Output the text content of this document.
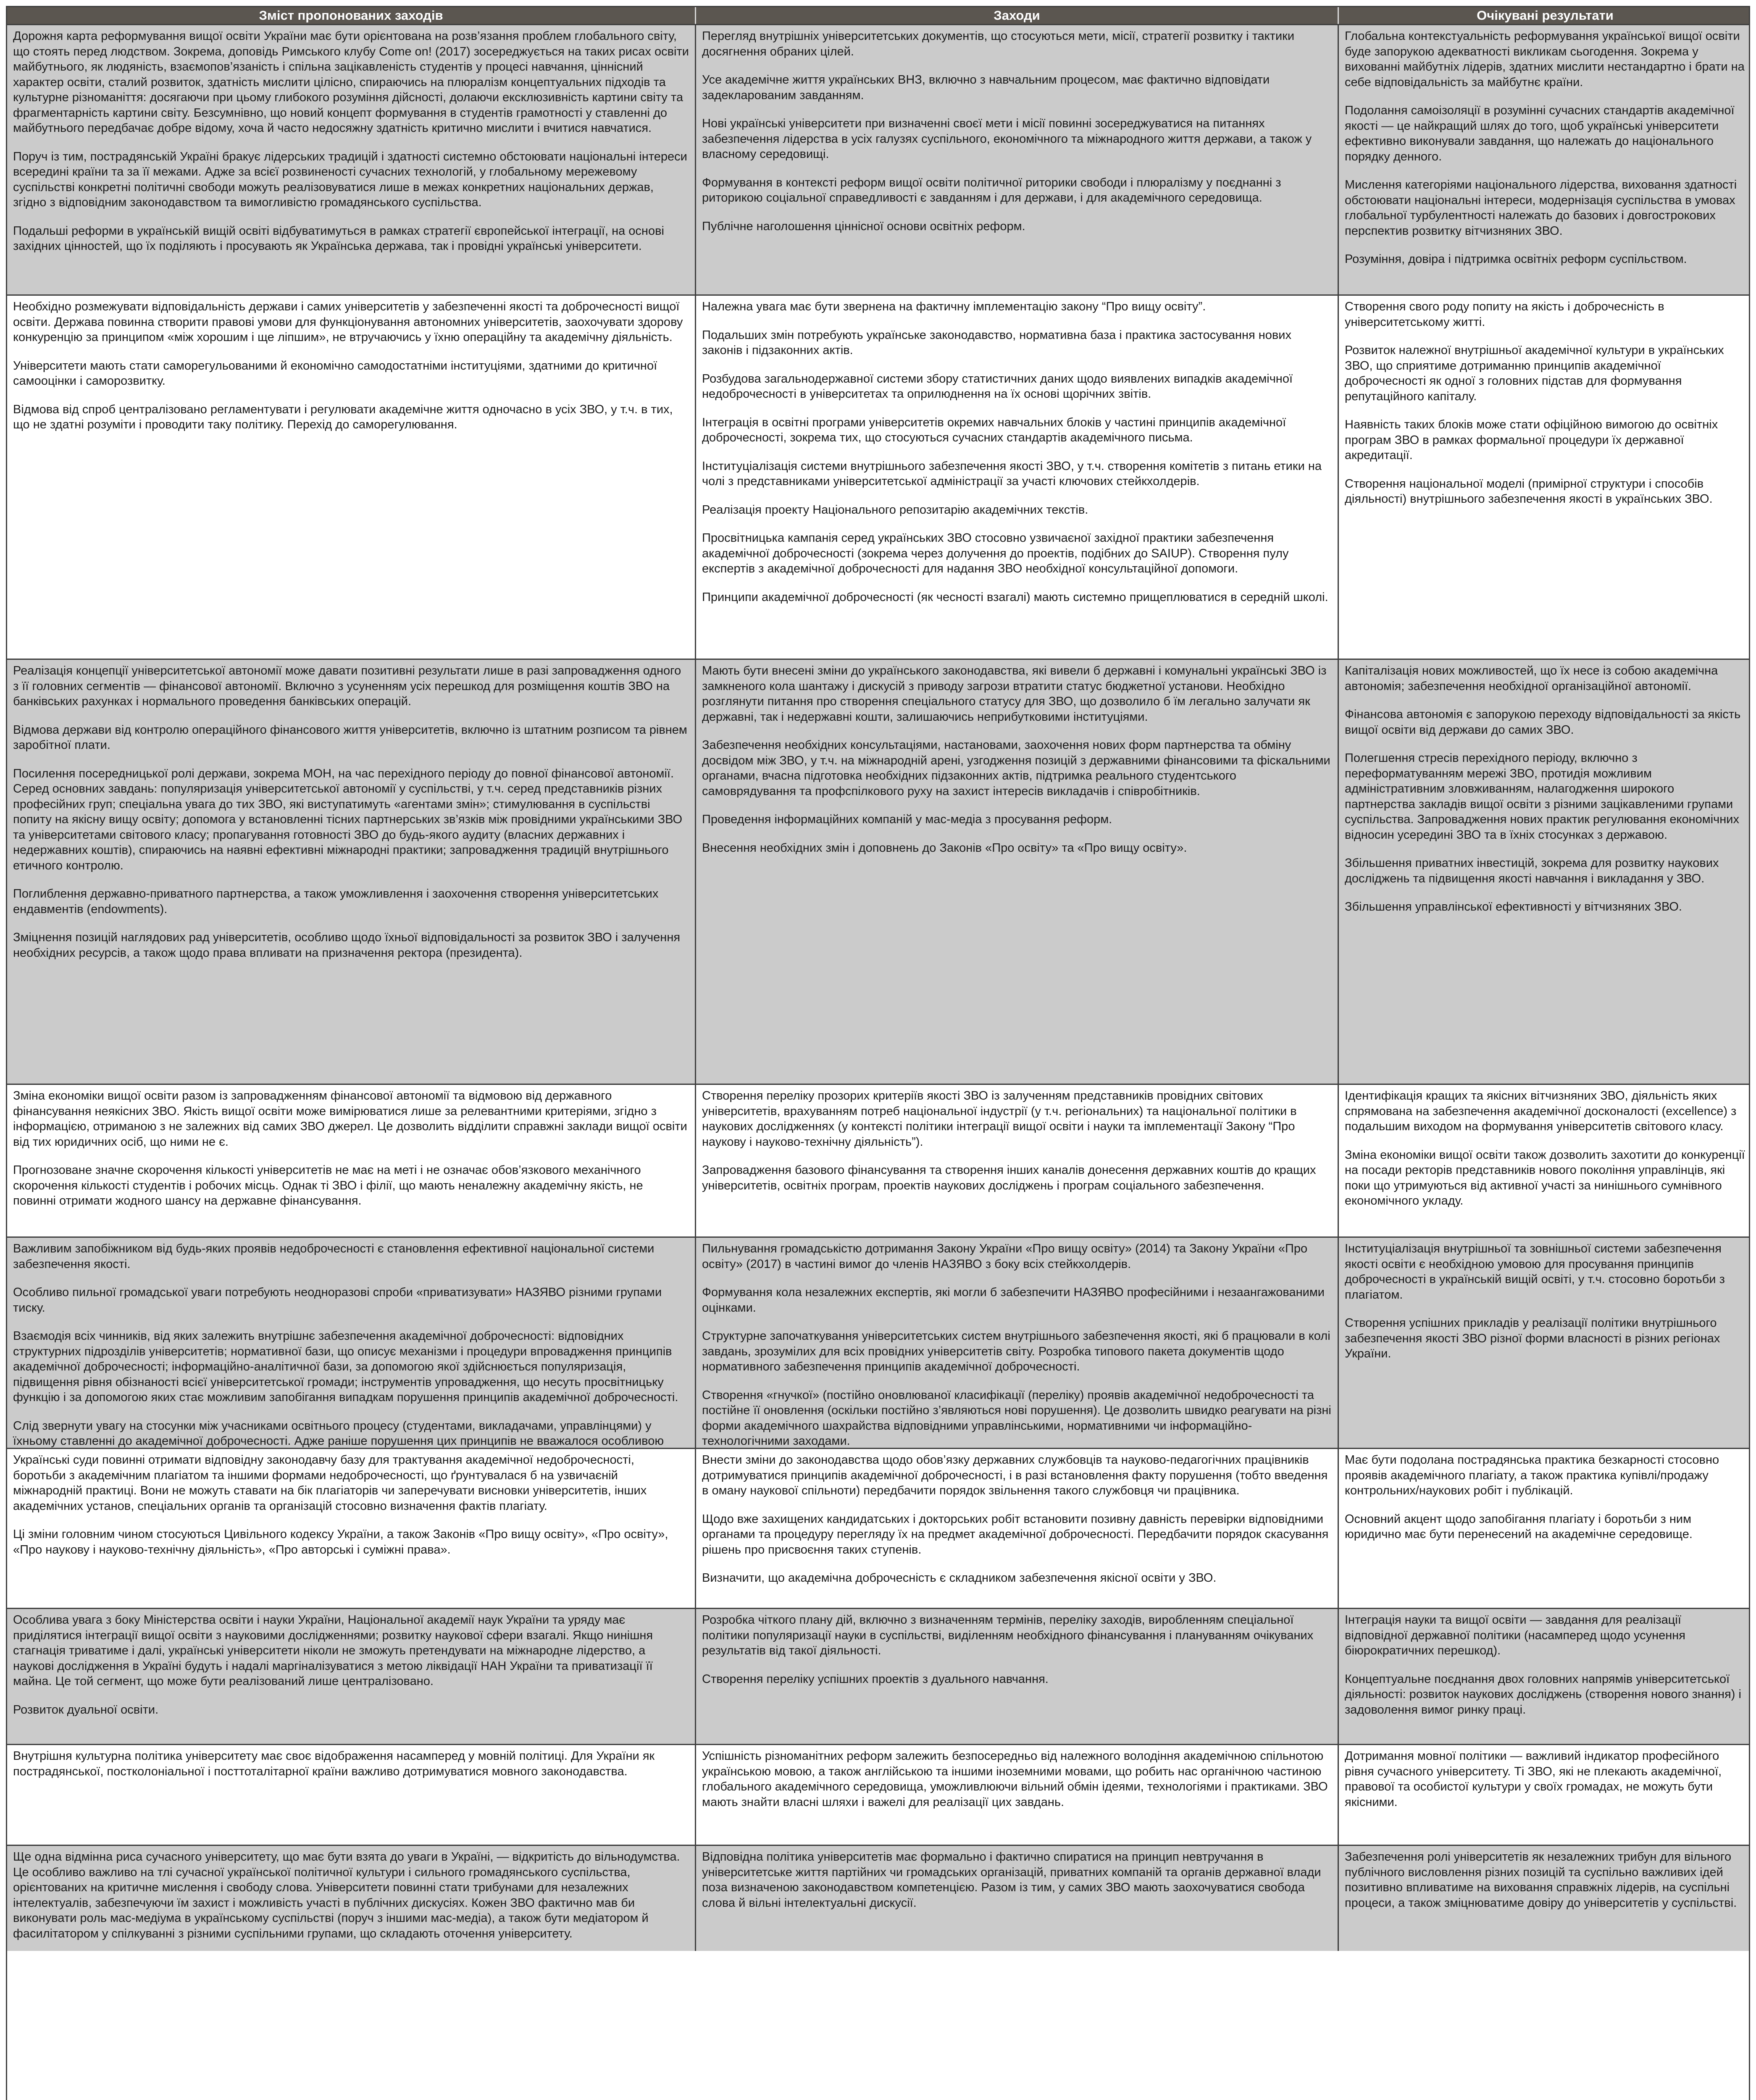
Зміст пропонованих заходів	Заходи	Очікувані результати

Дорожня карта реформування вищої освіти України має бути орієнтована на розв’язання проблем глобального світу, що стоять перед людством. Зокрема, доповідь Римського клубу Come on! (2017) зосереджується на таких рисах освіти майбутнього, як людяність, взаємопов’язаність і спільна зацікавленість студентів у процесі навчання, ціннісний характер освіти, сталий розвиток, здатність мислити цілісно, спираючись на плюралізм концептуальних підходів та культурне різноманіття: досягаючи при цьому глибокого розуміння дійсності, долаючи ексклюзивність картини світу та фрагментарність картини світу. Безсумнівно, що новий концепт формування в студентів грамотності у ставленні до майбутнього передбачає добре відому, хоча й часто недосяжну здатність критично мислити і вчитися навчатися.

Поруч із тим, пострадянській Україні бракує лідерських традицій і здатності системно обстоювати національні інтереси всередині країни та за її межами. Адже за всієї розвиненості сучасних технологій, у глобальному мережевому суспільстві конкретні політичні свободи можуть реалізовуватися лише в межах конкретних національних держав, згідно з відповідним законодавством та вимогливістю громадянського суспільства.

Подальші реформи в українській вищій освіті відбуватимуться в рамках стратегії європейської інтеграції, на основі західних цінностей, що їх поділяють і просувають як Українська держава, так і провідні українські університети.

Перегляд внутрішніх університетських документів, що стосуються мети, місії, стратегії розвитку і тактики досягнення обраних цілей.

Усе академічне життя українських ВНЗ, включно з навчальним процесом, має фактично відповідати задекларованим завданням.

Нові українські університети при визначенні своєї мети і місії повинні зосереджуватися на питаннях забезпечення лідерства в усіх галузях суспільного, економічного та міжнародного життя держави, а також у власному середовищі.

Формування в контексті реформ вищої освіти політичної риторики свободи і плюралізму у поєднанні з риторикою соціальної справедливості є завданням і для держави, і для академічного середовища.

Публічне наголошення ціннісної основи освітніх реформ.

Глобальна контекстуальність реформування української вищої освіти буде запорукою адекватності викликам сьогодення. Зокрема у вихованні майбутніх лідерів, здатних мислити нестандартно і брати на себе відповідальність за майбутнє країни.

Подолання самоізоляції в розумінні сучасних стандартів академічної якості — це найкращий шлях до того, щоб українські університети ефективно виконували завдання, що належать до національного порядку денного.

Мислення категоріями національного лідерства, виховання здатності обстоювати національні інтереси, модернізація суспільства в умовах глобальної турбулентності належать до базових і довгострокових перспектив розвитку вітчизняних ЗВО.

Розуміння, довіра і підтримка освітніх реформ суспільством.

Необхідно розмежувати відповідальність держави і самих університетів у забезпеченні якості та доброчесності вищої освіти. Держава повинна створити правові умови для функціонування автономних університетів, заохочувати здорову конкуренцію за принципом «між хорошим і ще ліпшим», не втручаючись у їхню операційну та академічну діяльність.

Університети мають стати саморегульованими й економічно самодостатніми інституціями, здатними до критичної самооцінки і саморозвитку.

Відмова від спроб централізовано регламентувати і регулювати академічне життя одночасно в усіх ЗВО, у т.ч. в тих, що не здатні розуміти і проводити таку політику. Перехід до саморегулювання.

Належна увага має бути звернена на фактичну імплементацію закону “Про вищу освіту”.

Подальших змін потребують українське законодавство, нормативна база і практика застосування нових законів і підзаконних актів.

Розбудова загальнодержавної системи збору статистичних даних щодо виявлених випадків академічної недоброчесності в університетах та оприлюднення на їх основі щорічних звітів.

Інтеграція в освітні програми університетів окремих навчальних блоків у частині принципів академічної доброчесності, зокрема тих, що стосуються сучасних стандартів академічного письма.

Інституціалізація системи внутрішнього забезпечення якості ЗВО, у т.ч. створення комітетів з питань етики на чолі з представниками університетської адміністрації за участі ключових стейкхолдерів.

Реалізація проекту Національного репозитарію академічних текстів.

Просвітницька кампанія серед українських ЗВО стосовно узвичаєної західної практики забезпечення академічної доброчесності (зокрема через долучення до проектів, подібних до SAIUP). Створення пулу експертів з академічної доброчесності для надання ЗВО необхідної консультаційної допомоги.

Принципи академічної доброчесності (як чесності взагалі) мають системно прищеплюватися в середній школі.

Створення свого роду попиту на якість і доброчесність в університетському житті.

Розвиток належної внутрішньої академічної культури в українських ЗВО, що сприятиме дотриманню принципів академічної доброчесності як одної з головних підстав для формування репутаційного капіталу.

Наявність таких блоків може стати офіційною вимогою до освітніх програм ЗВО в рамках формальної процедури їх державної акредитації.

Створення національної моделі (примірної структури і способів діяльності) внутрішнього забезпечення якості в українських ЗВО.

Реалізація концепції університетської автономії може давати позитивні результати лише в разі запровадження одного з її головних сегментів — фінансової автономії. Включно з усуненням усіх перешкод для розміщення коштів ЗВО на банківських рахунках і нормального проведення банківських операцій.

Відмова держави від контролю операційного фінансового життя університетів, включно із штатним розписом та рівнем заробітної плати.

Посилення посередницької ролі держави, зокрема МОН, на час перехідного періоду до повної фінансової автономії. Серед основних завдань: популяризація університетської автономії у суспільстві, у т.ч. серед представників різних професійних груп; спеціальна увага до тих ЗВО, які виступатимуть «агентами змін»; стимулювання в суспільстві попиту на якісну вищу освіту; допомога у встановленні тісних партнерських зв’язків між провідними українськими ЗВО та університетами світового класу; пропагування готовності ЗВО до будь-якого аудиту (власних державних і недержавних коштів), спираючись на наявні ефективні міжнародні практики; запровадження традицій внутрішнього етичного контролю.

Поглиблення державно-приватного партнерства, а також уможливлення і заохочення створення університетських ендавментів (endowments).

Зміцнення позицій наглядових рад університетів, особливо щодо їхньої відповідальності за розвиток ЗВО і залучення необхідних ресурсів, а також щодо права впливати на призначення ректора (президента).

Мають бути внесені зміни до українського законодавства, які вивели б державні і комунальні українські ЗВО із замкненого кола шантажу і дискусій з приводу загрози втратити статус бюджетної установи. Необхідно розглянути питання про створення спеціального статусу для ЗВО, що дозволило б їм легально залучати як державні, так і недержавні кошти, залишаючись неприбутковими інституціями.

Забезпечення необхідних консультаціями, настановами, заохочення нових форм партнерства та обміну досвідом між ЗВО, у т.ч. на міжнародній арені, узгодження позицій з державними фінансовими та фіскальними органами, вчасна підготовка необхідних підзаконних актів, підтримка реального студентського самоврядування та профспілкового руху на захист інтересів викладачів і співробітників.

Проведення інформаційних компаній у мас-медіа з просування реформ.

Внесення необхідних змін і доповнень до Законів «Про освіту» та «Про вищу освіту».

Капіталізація нових можливостей, що їх несе із собою академічна автономія; забезпечення необхідної організаційної автономії.

Фінансова автономія є запорукою переходу відповідальності за якість вищої освіти від держави до самих ЗВО.

Полегшення стресів перехідного періоду, включно з переформатуванням мережі ЗВО, протидія можливим адміністративним зловживанням, налагодження широкого партнерства закладів вищої освіти з різними зацікавленими групами суспільства. Запровадження нових практик регулювання економічних відносин усередині ЗВО та в їхніх стосунках з державою.

Збільшення приватних інвестицій, зокрема для розвитку наукових досліджень та підвищення якості навчання і викладання у ЗВО.

Збільшення управлінської ефективності у вітчизняних ЗВО.

Зміна економіки вищої освіти разом із запровадженням фінансової автономії та відмовою від державного фінансування неякісних ЗВО. Якість вищої освіти може вимірюватися лише за релевантними критеріями, згідно з інформацією, отриманою з не залежних від самих ЗВО джерел. Це дозволить відділити справжні заклади вищої освіти від тих юридичних осіб, що ними не є.

Прогнозоване значне скорочення кількості університетів не має на меті і не означає обов’язкового механічного скорочення кількості студентів і робочих місць. Однак ті ЗВО і філії, що мають неналежну академічну якість, не повинні отримати жодного шансу на державне фінансування.

Створення переліку прозорих критеріїв якості ЗВО із залученням представників провідних світових університетів, врахуванням потреб національної індустрії (у т.ч. регіональних) та національної політики в наукових дослідженнях (у контексті політики інтеграції вищої освіти і науки та імплементації Закону “Про наукову і науково-технічну діяльність”).

Запровадження базового фінансування та створення інших каналів донесення державних коштів до кращих університетів, освітніх програм, проектів наукових досліджень і програм соціального забезпечення.

Ідентифікація кращих та якісних вітчизняних ЗВО, діяльність яких спрямована на забезпечення академічної досконалості (excellence) з подальшим виходом на формування університетів світового класу.

Зміна економіки вищої освіти також дозволить захотити до конкуренції на посади ректорів представників нового покоління управлінців, які поки що утримуються від активної участі за нинішнього сумнівного економічного укладу.

Важливим запобіжником від будь-яких проявів недоброчесності є становлення ефективної національної системи забезпечення якості.

Особливо пильної громадської уваги потребують неодноразові спроби «приватизувати» НАЗЯВО різними групами тиску.

Взаємодія всіх чинників, від яких залежить внутрішнє забезпечення академічної доброчесності: відповідних структурних підрозділів університетів; нормативної бази, що описує механізми і процедури впровадження принципів академічної доброчесності; інформаційно-аналітичної бази, за допомогою якої здійснюється популяризація, підвищення рівня обізнаності всієї університетської громади; інструментів упровадження, що несуть просвітницьку функцію і за допомогою яких стає можливим запобігання випадкам порушення принципів академічної доброчесності.

Слід звернути увагу на стосунки між учасниками освітнього процесу (студентами, викладачами, управлінцями) у їхньому ставленні до академічної доброчесності. Адже раніше порушення цих принципів не вважалося особливою

Пильнування громадськістю дотримання Закону України «Про вищу освіту» (2014) та Закону України «Про освіту» (2017) в частині вимог до членів НАЗЯВО з боку всіх стейкхолдерів.

Формування кола незалежних експертів, які могли б забезпечити НАЗЯВО професійними і незаангажованими оцінками.

Структурне започаткування університетських систем внутрішнього забезпечення якості, які б працювали в колі завдань, зрозумілих для всіх провідних університетів світу. Розробка типового пакета документів щодо нормативного забезпечення принципів академічної доброчесності.

Створення «гнучкої» (постійно оновлюваної класифікації (переліку) проявів академічної недоброчесності та постійне її оновлення (оскільки постійно з’являються нові порушення). Це дозволить швидко реагувати на різні форми академічного шахрайства відповідними управлінськими, нормативними чи інформаційно-технологічними заходами.

Інституціалізація внутрішньої та зовнішньої системи забезпечення якості освіти є необхідною умовою для просування принципів доброчесності в українській вищій освіті, у т.ч. стосовно боротьби з плагіатом.

Створення успішних прикладів у реалізації політики внутрішнього забезпечення якості ЗВО різної форми власності в різних регіонах України.

Українські суди повинні отримати відповідну законодавчу базу для трактування академічної недоброчесності, боротьби з академічним плагіатом та іншими формами недоброчесності, що ґрунтувалася б на узвичаєній міжнародній практиці. Вони не можуть ставати на бік плагіаторів чи заперечувати висновки університетів, інших академічних установ, спеціальних органів та організацій стосовно визначення фактів плагіату.

Ці зміни головним чином стосуються Цивільного кодексу України, а також Законів «Про вищу освіту», «Про освіту», «Про наукову і науково-технічну діяльність», «Про авторські і суміжні права».

Внести зміни до законодавства щодо обов’язку державних службовців та науково-педагогічних працівників дотримуватися принципів академічної доброчесності, і в разі встановлення факту порушення (тобто введення в оману наукової спільноти) передбачити порядок звільнення такого службовця чи працівника.

Щодо вже захищених кандидатських і докторських робіт встановити позивну давність перевірки відповідними органами та процедуру перегляду їх на предмет академічної доброчесності. Передбачити порядок скасування рішень про присвоєння таких ступенів.

Визначити, що академічна доброчесність є складником забезпечення якісної освіти у ЗВО.

Має бути подолана пострадянська практика безкарності стосовно проявів академічного плагіату, а також практика купівлі/продажу контрольних/наукових робіт і публікацій.

Основний акцент щодо запобігання плагіату і боротьби з ним юридично має бути перенесений на академічне середовище.

Особлива увага з боку Міністерства освіти і науки України, Національної академії наук України та уряду має приділятися інтеграції вищої освіти з науковими дослідженнями; розвитку наукової сфери взагалі. Якщо нинішня стагнація триватиме і далі, українські університети ніколи не зможуть претендувати на міжнародне лідерство, а наукові дослідження в Україні будуть і надалі маргіналізуватися з метою ліквідації НАН України та приватизації її майна. Це той сегмент, що може бути реалізований лише централізовано.

Розвиток дуальної освіти.

Розробка чіткого плану дій, включно з визначенням термінів, переліку заходів, виробленням спеціальної політики популяризації науки в суспільстві, виділенням необхідного фінансування і плануванням очікуваних результатів від такої діяльності.

Створення переліку успішних проектів з дуального навчання.

Інтеграція науки та вищої освіти — завдання для реалізації відповідної державної політики (насамперед щодо усунення біюрократичних перешкод).

Концептуальне поєднання двох головних напрямів університетської діяльності: розвиток наукових досліджень (створення нового знання) і задоволення вимог ринку праці.

Внутрішня культурна політика університету має своє відображення насамперед у мовній політиці. Для України як пострадянської, постколоніальної і посттоталітарної країни важливо дотримуватися мовного законодавства.

Успішність різноманітних реформ залежить безпосередньо від належного володіння академічною спільнотою українською мовою, а також англійською та іншими іноземними мовами, що робить нас органічною частиною глобального академічного середовища, уможливлюючи вільний обмін ідеями, технологіями і практиками. ЗВО мають знайти власні шляхи і важелі для реалізації цих завдань.

Дотримання мовної політики — важливий індикатор професійного рівня сучасного університету. Ті ЗВО, які не плекають академічної, правової та особистої культури у своїх громадах, не можуть бути якісними.

Ще одна відмінна риса сучасного університету, що має бути взята до уваги в Україні, — відкритість до вільнодумства. Це особливо важливо на тлі сучасної української політичної культури і сильного громадянського суспільства, орієнтованих на критичне мислення і свободу слова. Університети повинні стати трибунами для незалежних інтелектуалів, забезпечуючи їм захист і можливість участі в публічних дискусіях. Кожен ЗВО фактично мав би виконувати роль мас-медіума в українському суспільстві (поруч з іншими мас-медіа), а також бути медіатором й фасилітатором у спілкуванні з різними суспільними групами, що складають оточення університету.

Відповідна політика університетів має формально і фактично спиратися на принцип невтручання в університетське життя партійних чи громадських організацій, приватних компаній та органів державної влади поза визначеною законодавством компетенцією. Разом із тим, у самих ЗВО мають заохочуватися свобода слова й вільні інтелектуальні дискусії.

Забезпечення ролі університетів як незалежних трибун для вільного публічного висловлення різних позицій та суспільно важливих ідей позитивно впливатиме на виховання справжніх лідерів, на суспільні процеси, а також зміцнюватиме довіру до університетів у суспільстві.
